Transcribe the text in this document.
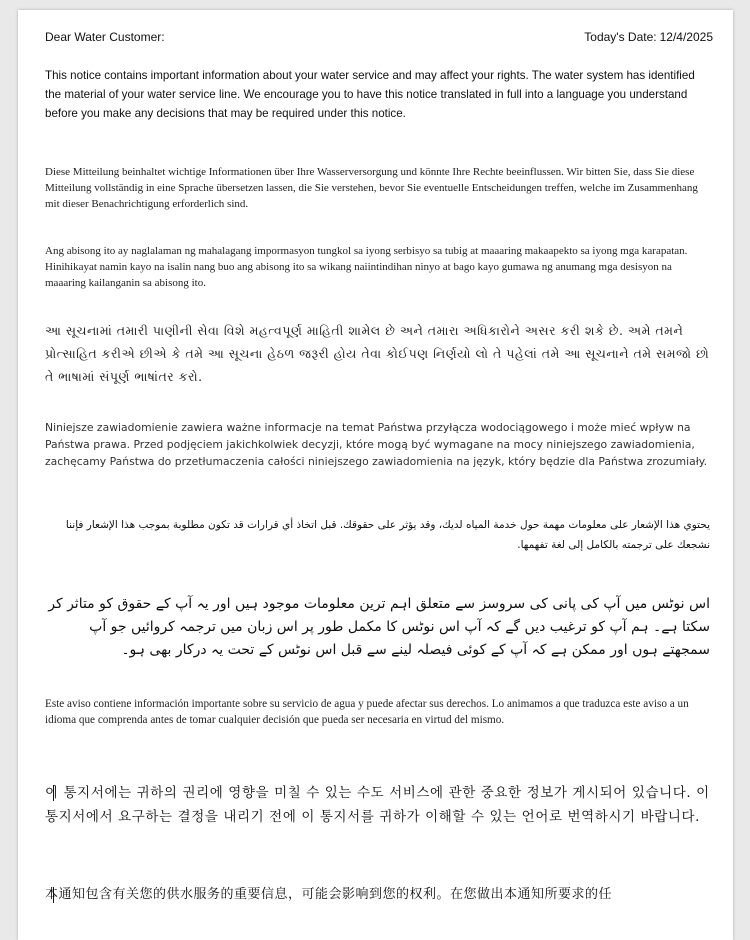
Dear Water Customer:	Today's Date: 12/4/2025

This notice contains important information about your water service and may affect your rights. The water system has identified the material of your water service line. We encourage you to have this notice translated in full into a language you understand before you make any decisions that may be required under this notice.

Diese Mitteilung beinhaltet wichtige Informationen über Ihre Wasserversorgung und könnte Ihre Rechte beeinflussen. Wir bitten Sie, dass Sie diese Mitteilung vollständig in eine Sprache übersetzen lassen, die Sie verstehen, bevor Sie eventuelle Entscheidungen treffen, welche im Zusammenhang mit dieser Benachrichtigung erforderlich sind.

Ang abisong ito ay naglalaman ng mahalagang impormasyon tungkol sa iyong serbisyo sa tubig at maaaring makaapekto sa iyong mga karapatan. Hinihikayat namin kayo na isalin nang buo ang abisong ito sa wikang naiintindihan ninyo at bago kayo gumawa ng anumang mga desisyon na maaaring kailanganin sa abisong ito.

આ સૂચનામાં તમારી પાણીની સેવા વિશે મહત્વપૂર્ણ માહિતી શામેલ છે અને તમારા અધિકારોને અસર કરી શકે છે. અમે તમને પ્રોત્સાહિત કરીએ છીએ કે તમે આ સૂચના હેઠળ જરૂરી હોય તેવા કોઈપણ નિર્ણયો લો તે પહેલાં તમે આ સૂચનાને તમે સમજો છો તે ભાષામાં સંપૂર્ણ ભાષાંતર કરો.

Niniejsze zawiadomienie zawiera ważne informacje na temat Państwa przyłącza wodociągowego i może mieć wpływ na Państwa prawa. Przed podjęciem jakichkolwiek decyzji, które mogą być wymagane na mocy niniejszego zawiadomienia, zachęcamy Państwa do przetłumaczenia całości niniejszego zawiadomienia na język, który będzie dla Państwa zrozumiały.

يحتوي هذا الإشعار على معلومات مهمة حول خدمة المياه لديك، وقد يؤثر على حقوقك. قبل اتخاذ أي قرارات قد تكون مطلوبة بموجب هذا الإشعار فإننا نشجعك على ترجمته بالكامل إلى لغة تفهمها.

اس نوٹس میں آپ کی پانی کی سروسز سے متعلق اہم ترین معلومات موجود ہیں اور یہ آپ کے حقوق کو متاثر کر سکتا ہے۔ ہم آپ کو ترغیب دیں گے کہ آپ اس نوٹس کا مکمل طور پر اس زبان میں ترجمہ کروائیں جو آپ سمجھتے ہوں اور ممکن ہے کہ آپ کے کوئی فیصلہ لینے سے قبل اس نوٹس کے تحت یہ درکار بھی ہو۔

Este aviso contiene información importante sobre su servicio de agua y puede afectar sus derechos. Lo animamos a que traduzca este aviso a un idioma que comprenda antes de tomar cualquier decisión que pueda ser necesaria en virtud del mismo.

이 통지서에는 귀하의 권리에 영향을 미칠 수 있는 수도 서비스에 관한 중요한 정보가 게시되어 있습니다. 이 통지서에서 요구하는 결정을 내리기 전에 이 통지서를 귀하가 이해할 수 있는 언어로 번역하시기 바랍니다.

本通知包含有关您的供水服务的重要信息，可能会影响到您的权利。在您做出本通知所要求的任
